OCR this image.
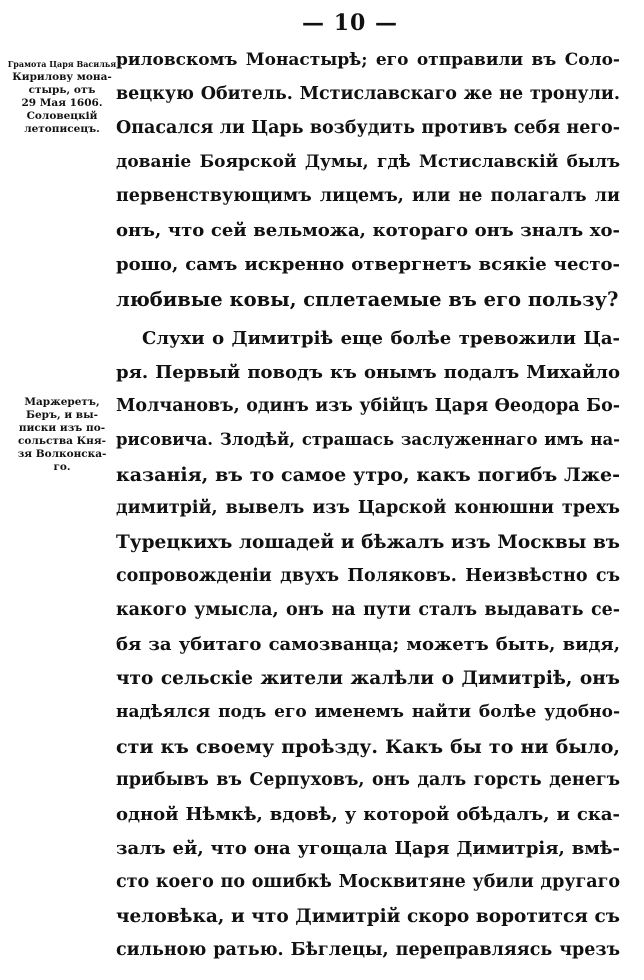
— 10 —
Грамота Царя Василья
Кирилову мона-
стырь, отъ
29 Мая 1606.
Соловецкій
летописецъ.
Маржеретъ,
Беръ, и вы-
писки изъ по-
сольства Кня-
зя Волконска-
го.
риловскомъ Монастырѣ; его отправили въ Соло-
вецкую Обитель. Мстиславскаго же не тронули.
Опасался ли Царь возбудить противъ себя него-
дованіе Боярской Думы, гдѣ Мстиславскій былъ
первенствующимъ лицемъ, или не полагалъ ли
онъ, что сей вельможа, котораго онъ зналъ хо-
рошо, самъ искренно отвергнетъ всякіе често-
любивые ковы, сплетаемые въ его пользу?
Слухи о Димитріѣ еще болѣе тревожили Ца-
ря. Первый поводъ къ онымъ подалъ Михайло
Молчановъ, одинъ изъ убійцъ Царя Ѳеодора Бо-
рисовича. Злодѣй, страшась заслуженнаго имъ на-
казанія, въ то самое утро, какъ погибъ Лже-
димитрій, вывелъ изъ Царской конюшни трехъ
Турецкихъ лошадей и бѣжалъ изъ Москвы въ
сопровожденіи двухъ Поляковъ. Неизвѣстно съ
какого умысла, онъ на пути сталъ выдавать се-
бя за убитаго самозванца; можетъ быть, видя,
что сельскіе жители жалѣли о Димитріѣ, онъ
надѣялся подъ его именемъ найти болѣе удобно-
сти къ своему проѣзду. Какъ бы то ни было,
прибывъ въ Серпуховъ, онъ далъ горсть денегъ
одной Нѣмкѣ, вдовѣ, у которой обѣдалъ, и ска-
залъ ей, что она угощала Царя Димитрія, вмѣ-
сто коего по ошибкѣ Москвитяне убили другаго
человѣка, и что Димитрій скоро воротится съ
сильною ратью. Бѣглецы, переправляясь чрезъ
